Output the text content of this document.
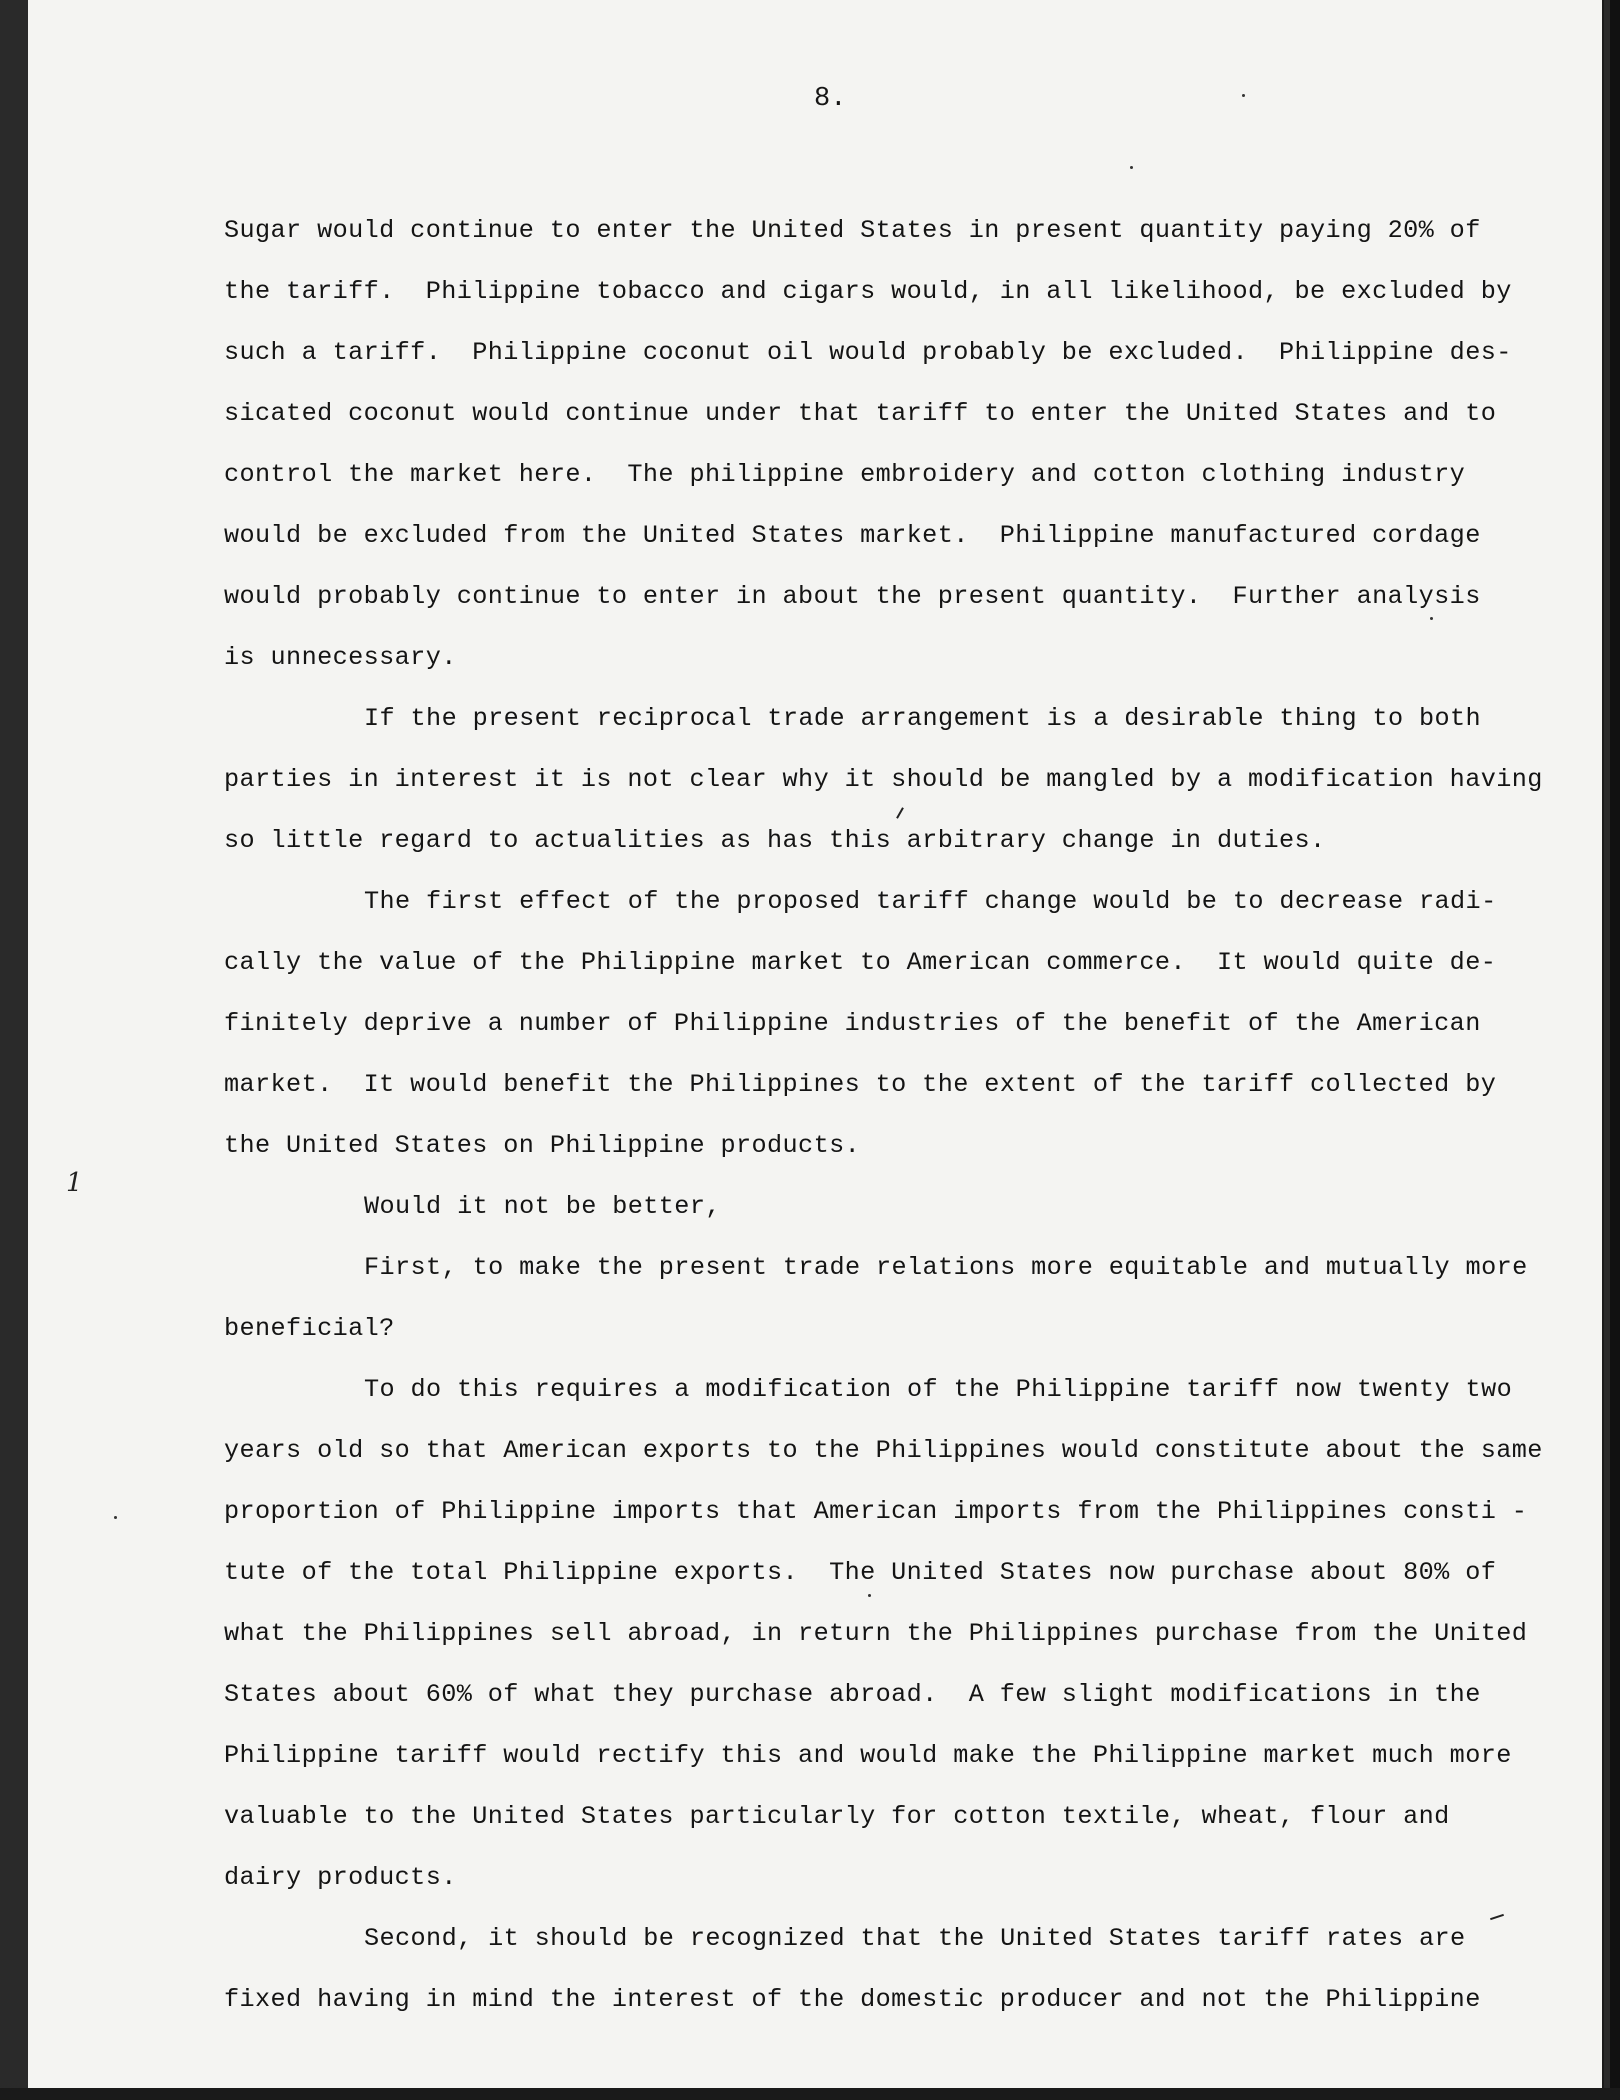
8.
1
Sugar would continue to enter the United States in present quantity paying 20% of
the tariff.  Philippine tobacco and cigars would, in all likelihood, be excluded by
such a tariff.  Philippine coconut oil would probably be excluded.  Philippine des-
sicated coconut would continue under that tariff to enter the United States and to
control the market here.  The philippine embroidery and cotton clothing industry
would be excluded from the United States market.  Philippine manufactured cordage
would probably continue to enter in about the present quantity.  Further analysis
is unnecessary.
If the present reciprocal trade arrangement is a desirable thing to both
parties in interest it is not clear why it should be mangled by a modification having
so little regard to actualities as has this arbitrary change in duties.
The first effect of the proposed tariff change would be to decrease radi-
cally the value of the Philippine market to American commerce.  It would quite de-
finitely deprive a number of Philippine industries of the benefit of the American
market.  It would benefit the Philippines to the extent of the tariff collected by
the United States on Philippine products.
Would it not be better,
First, to make the present trade relations more equitable and mutually more
beneficial?
To do this requires a modification of the Philippine tariff now twenty two
years old so that American exports to the Philippines would constitute about the same
proportion of Philippine imports that American imports from the Philippines consti -
tute of the total Philippine exports.  The United States now purchase about 80% of
what the Philippines sell abroad, in return the Philippines purchase from the United
States about 60% of what they purchase abroad.  A few slight modifications in the
Philippine tariff would rectify this and would make the Philippine market much more
valuable to the United States particularly for cotton textile, wheat, flour and
dairy products.
Second, it should be recognized that the United States tariff rates are
fixed having in mind the interest of the domestic producer and not the Philippine
